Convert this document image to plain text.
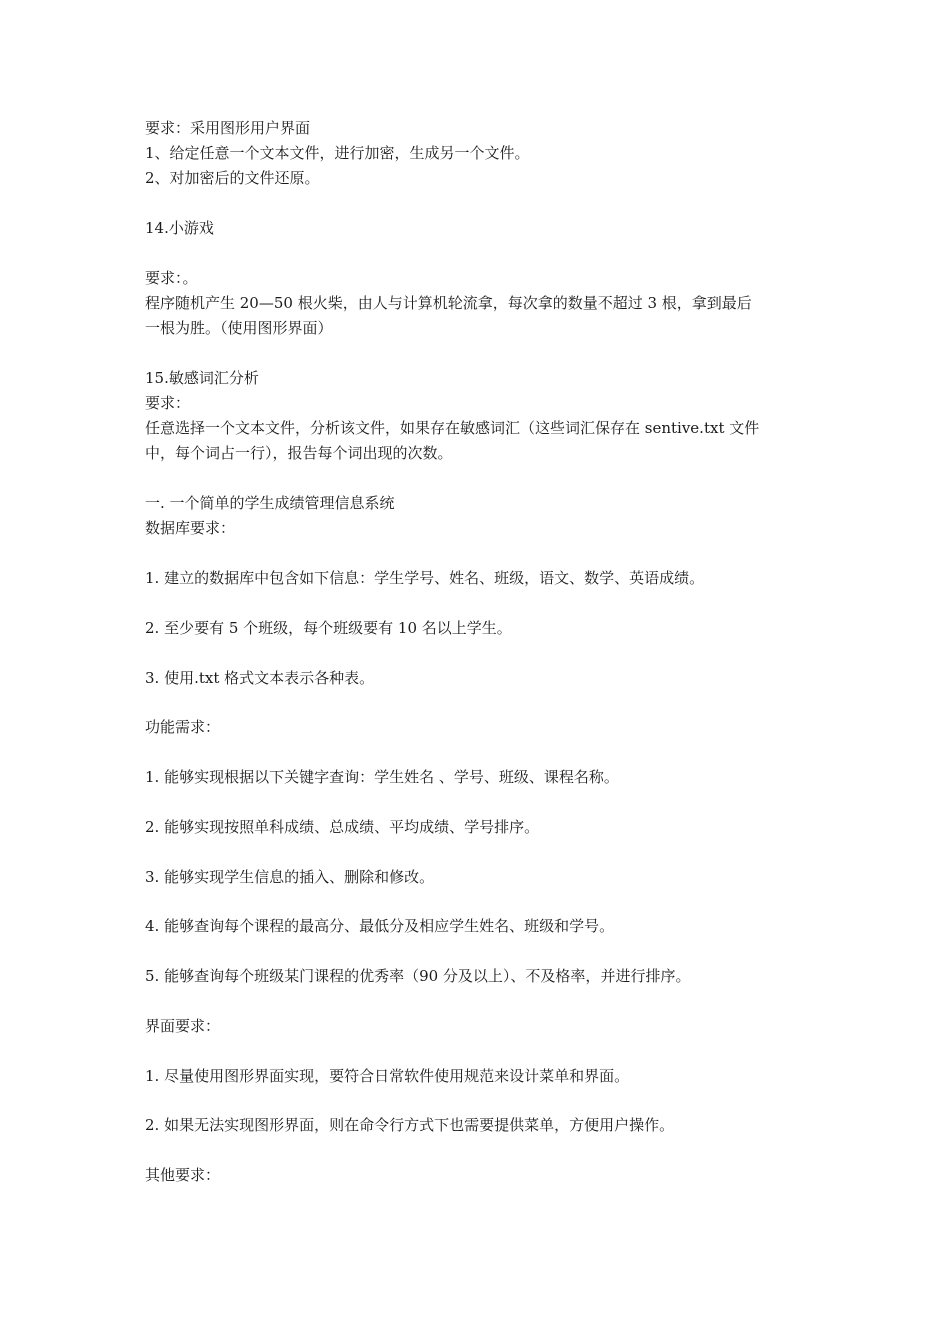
要求：采用图形用户界面
1、给定任意一个文本文件，进行加密，生成另一个文件。
2、对加密后的文件还原。
14.小游戏
要求：。
程序随机产生 20—50 根火柴，由人与计算机轮流拿，每次拿的数量不超过 3 根，拿到最后
一根为胜。（使用图形界面）
15.敏感词汇分析
要求：
任意选择一个文本文件，分析该文件，如果存在敏感词汇（这些词汇保存在 sentive.txt 文件
中，每个词占一行），报告每个词出现的次数。
一. 一个简单的学生成绩管理信息系统
数据库要求：
1. 建立的数据库中包含如下信息：学生学号、姓名、班级，语文、数学、英语成绩。
2. 至少要有 5 个班级，每个班级要有 10 名以上学生。
3. 使用.txt 格式文本表示各种表。
功能需求：
1. 能够实现根据以下关键字查询：学生姓名 、学号、班级、课程名称。
2. 能够实现按照单科成绩、总成绩、平均成绩、学号排序。
3. 能够实现学生信息的插入、删除和修改。
4. 能够查询每个课程的最高分、最低分及相应学生姓名、班级和学号。
5. 能够查询每个班级某门课程的优秀率（90 分及以上）、不及格率，并进行排序。
界面要求：
1. 尽量使用图形界面实现，要符合日常软件使用规范来设计菜单和界面。
2. 如果无法实现图形界面，则在命令行方式下也需要提供菜单，方便用户操作。
其他要求：
